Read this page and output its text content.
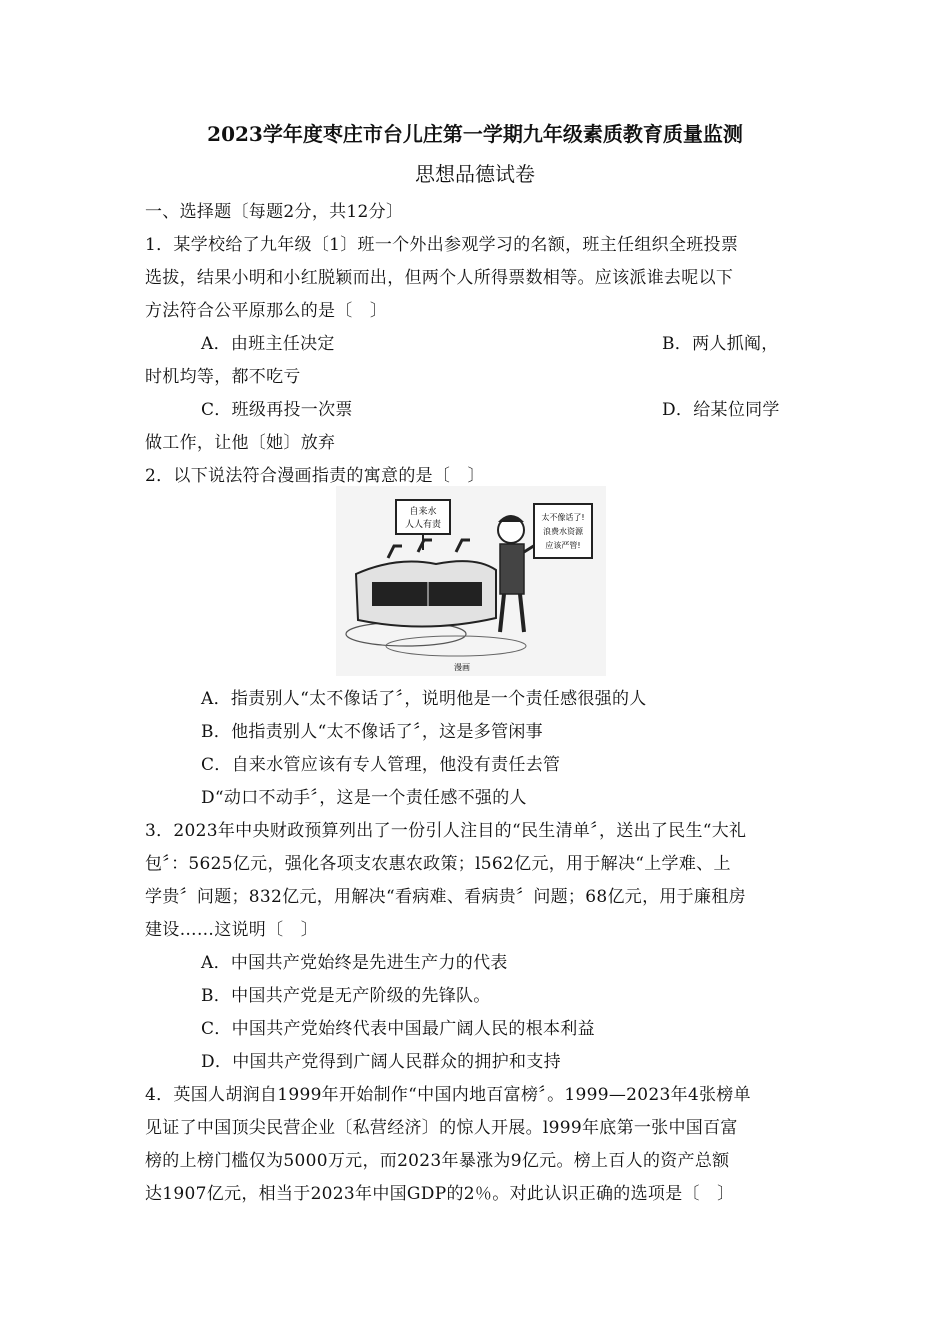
2023学年度枣庄市台儿庄第一学期九年级素质教育质量监测
思想品德试卷
一、选择题〔每题2分，共12分〕
1．某学校给了九年级〔1〕班一个外出参观学习的名额，班主任组织全班投票
选拔，结果小明和小红脱颖而出，但两个人所得票数相等。应该派谁去呢以下
方法符合公平原那么的是〔　〕
A．由班主任决定	B．两人抓阄，
时机均等，都不吃亏
C．班级再投一次票	D．给某位同学
做工作，让他〔她〕放弃
2．以下说法符合漫画指责的寓意的是〔　〕
自来水
人人有责
太不像话了!
浪费水资源
应该严管!
漫画
A．指责别人“太不像话了〞，说明他是一个责任感很强的人
B．他指责别人“太不像话了〞，这是多管闲事
C．自来水管应该有专人管理，他没有责任去管
D“动口不动手〞，这是一个责任感不强的人
3．2023年中央财政预算列出了一份引人注目的“民生清单〞，送出了民生“大礼
包〞：5625亿元，强化各项支农惠农政策；l562亿元，用于解决“上学难、上
学贵〞问题；832亿元，用解决“看病难、看病贵〞问题；68亿元，用于廉租房
建设……这说明〔　〕
A．中国共产党始终是先进生产力的代表
B．中国共产党是无产阶级的先锋队。
C．中国共产党始终代表中国最广阔人民的根本利益
D．中国共产党得到广阔人民群众的拥护和支持
4．英国人胡润自1999年开始制作“中国内地百富榜〞。1999—2023年4张榜单
见证了中国顶尖民营企业〔私营经济〕的惊人开展。l999年底第一张中国百富
榜的上榜门槛仅为5000万元，而2023年暴涨为9亿元。榜上百人的资产总额
达1907亿元，相当于2023年中国GDP的2％。对此认识正确的选项是〔　〕
